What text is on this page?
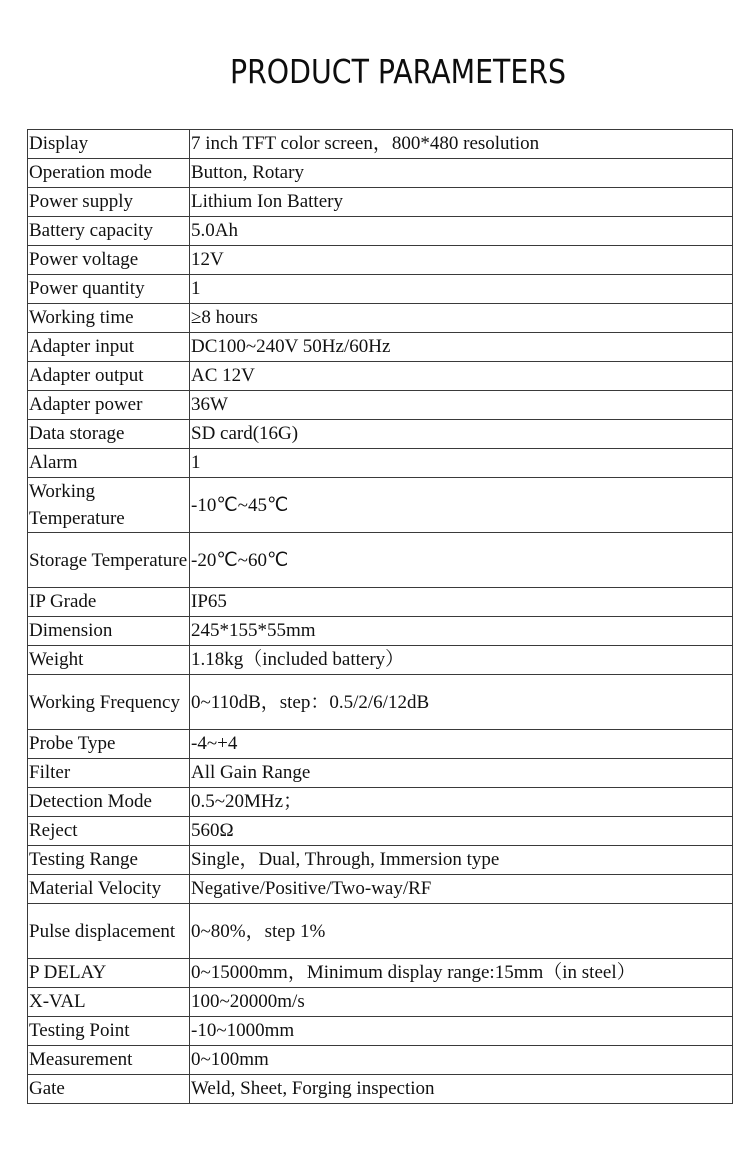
PRODUCT PARAMETERS
Display	7 inch TFT color screen，800*480 resolution
Operation mode	Button, Rotary
Power supply	Lithium Ion Battery
Battery capacity	5.0Ah
Power voltage	12V
Power quantity	1
Working time	≥8 hours
Adapter input	DC100~240V 50Hz/60Hz
Adapter output	AC 12V
Adapter power	36W
Data storage	SD card(16G)
Alarm	1
Working Temperature	-10℃~45℃
Storage Temperature	-20℃~60℃
IP Grade	IP65
Dimension	245*155*55mm
Weight	1.18kg（included battery）
Working Frequency	0~110dB，step：0.5/2/6/12dB
Probe Type	-4~+4
Filter	All Gain Range
Detection Mode	0.5~20MHz；
Reject	560Ω
Testing Range	Single，Dual, Through, Immersion type
Material Velocity	Negative/Positive/Two-way/RF
Pulse displacement	0~80%，step 1%
P DELAY	0~15000mm，Minimum display range:15mm（in steel）
X-VAL	100~20000m/s
Testing Point	-10~1000mm
Measurement	0~100mm
Gate	Weld, Sheet, Forging inspection
